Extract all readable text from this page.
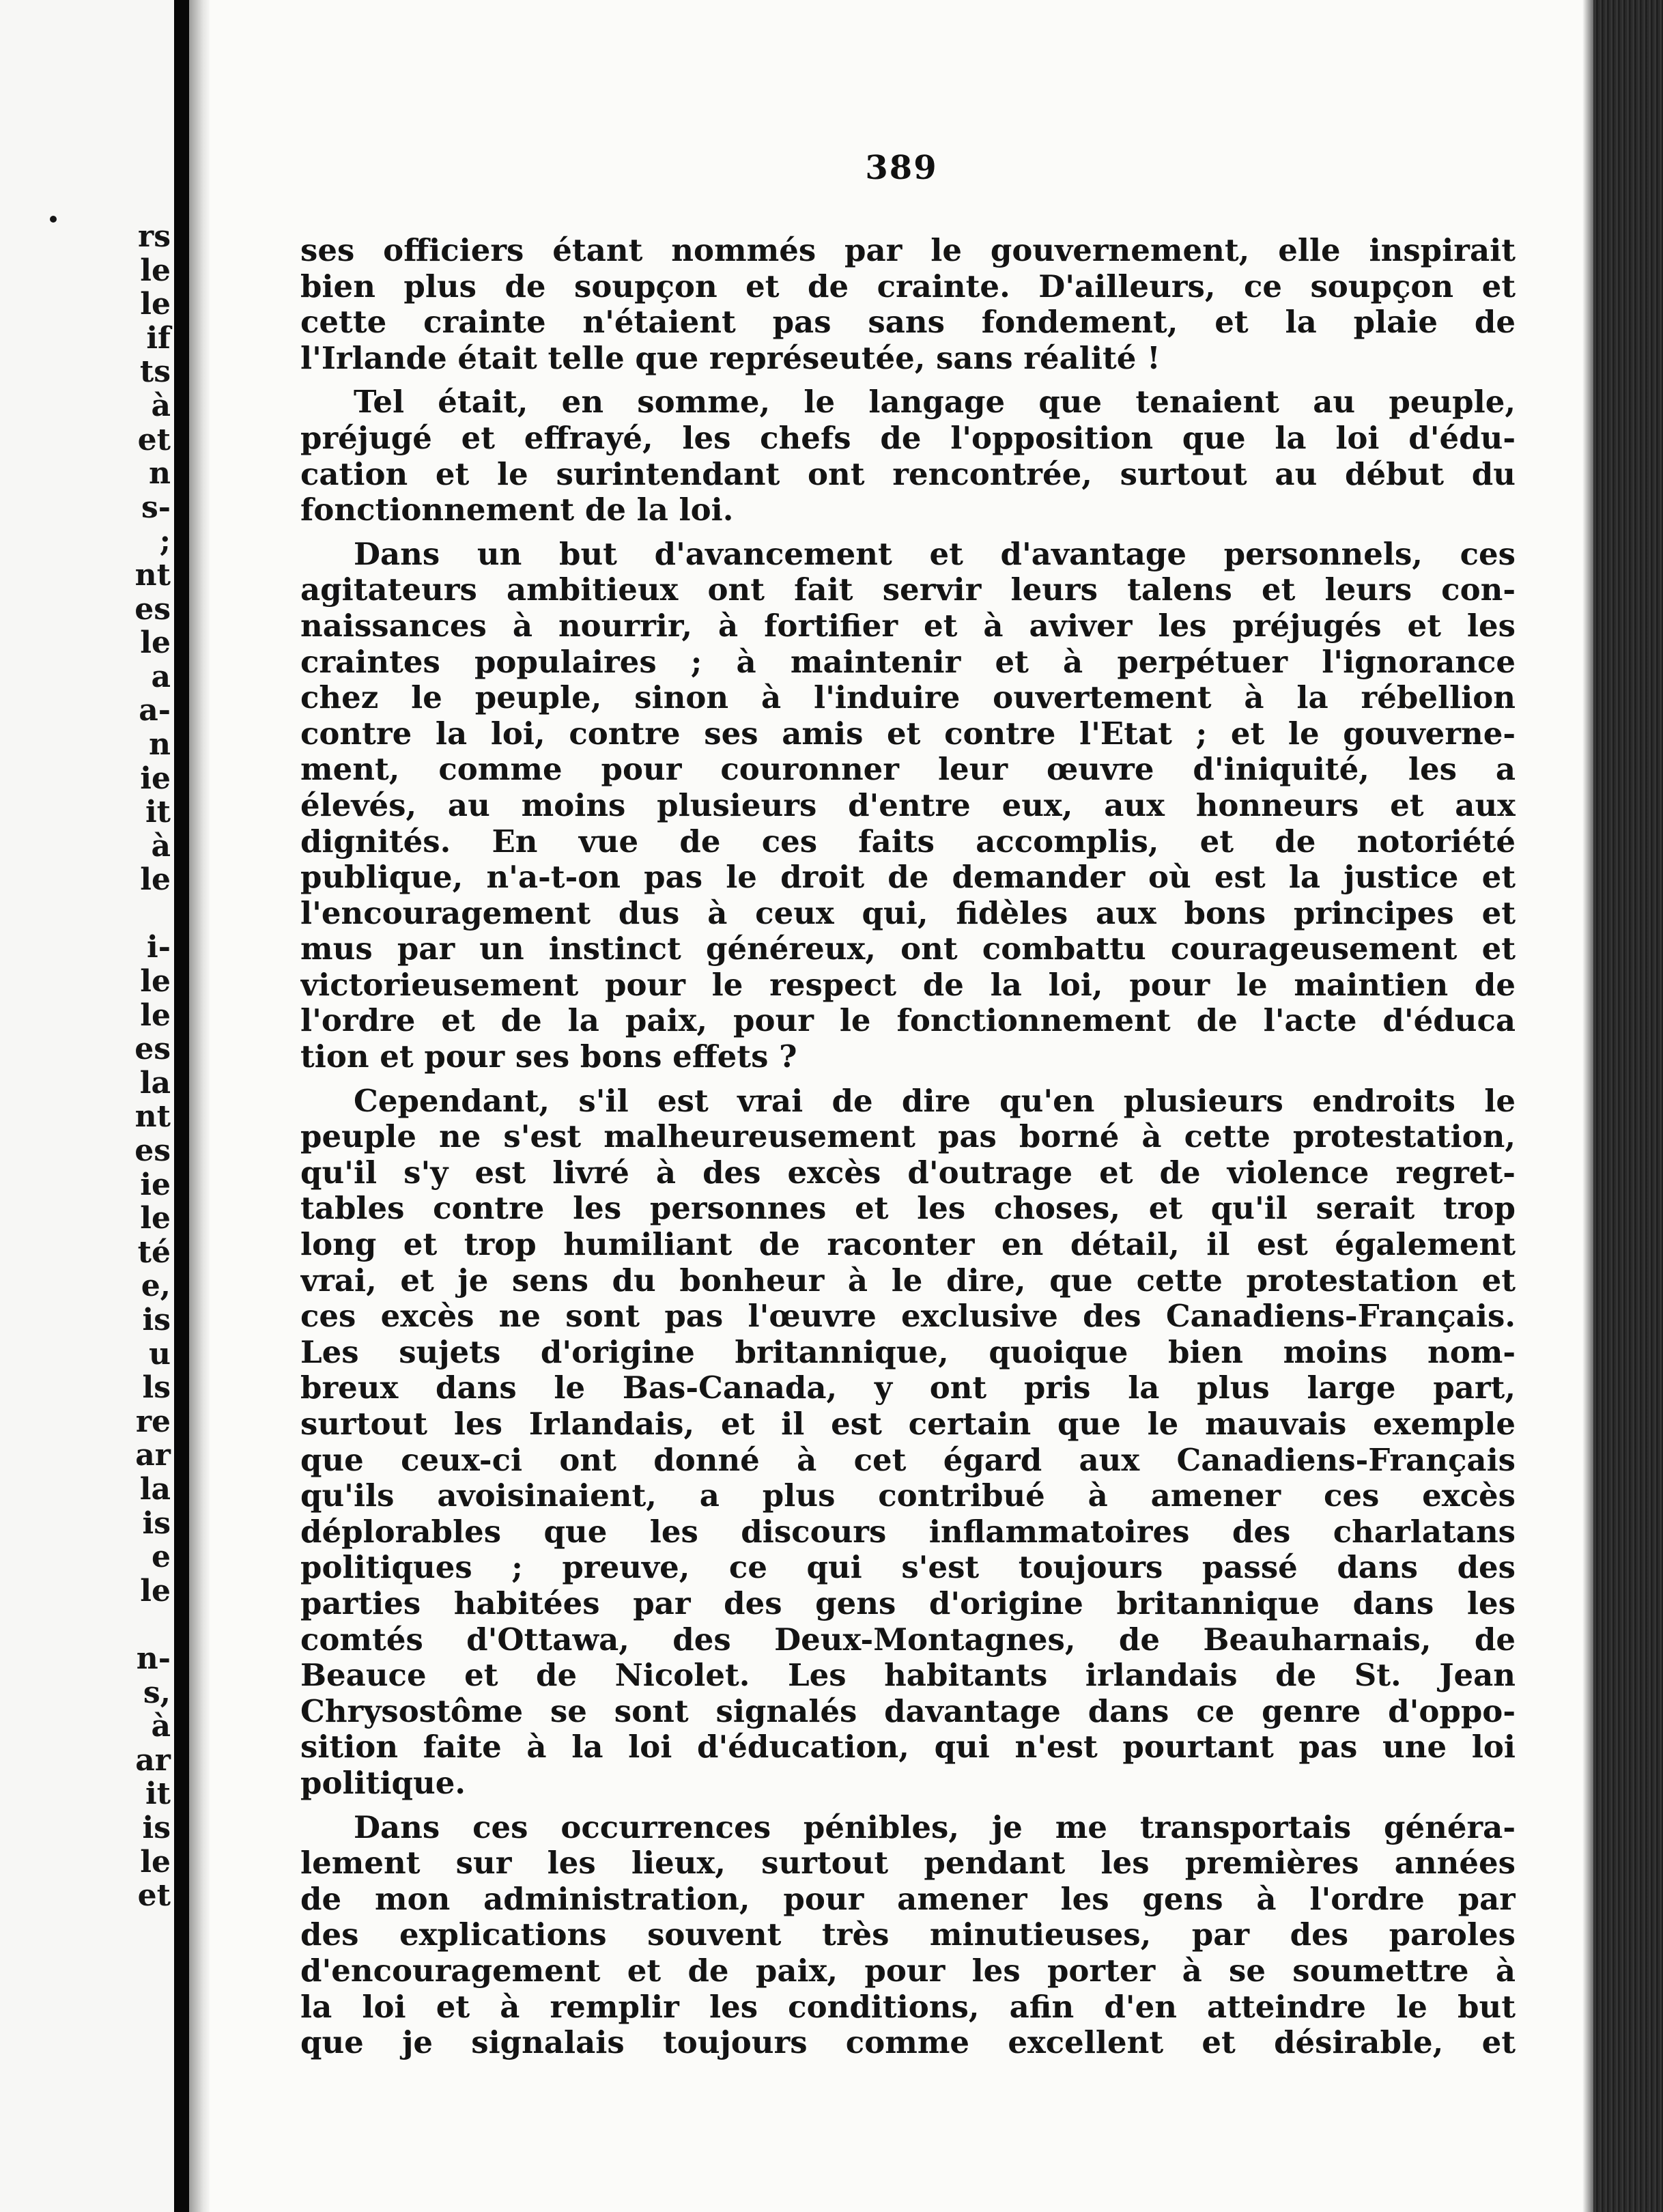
rs
le
le
if
ts
à
et
n
s-
;
nt
es
le
a
a-
n
ie
it
à
le
i-
le
le
es
la
nt
es
ie
le
té
e,
is
u
ls
re
ar
la
is
e
le
n-
s,
à
ar
it
is
le
et
389
ses officiers étant nommés par le gouvernement, elle inspirait
bien plus de soupçon et de crainte. D'ailleurs, ce soupçon et
cette crainte n'étaient pas sans fondement, et la plaie de
l'Irlande était telle que représeutée, sans réalité !
Tel était, en somme, le langage que tenaient au peuple,
préjugé et effrayé, les chefs de l'opposition que la loi d'édu-
cation et le surintendant ont rencontrée, surtout au début du
fonctionnement de la loi.
Dans un but d'avancement et d'avantage personnels, ces
agitateurs ambitieux ont fait servir leurs talens et leurs con-
naissances à nourrir, à fortifier et à aviver les préjugés et les
craintes populaires ; à maintenir et à perpétuer l'ignorance
chez le peuple, sinon à l'induire ouvertement à la rébellion
contre la loi, contre ses amis et contre l'Etat ; et le gouverne-
ment, comme pour couronner leur œuvre d'iniquité, les a
élevés, au moins plusieurs d'entre eux, aux honneurs et aux
dignités. En vue de ces faits accomplis, et de notoriété
publique, n'a-t-on pas le droit de demander où est la justice et
l'encouragement dus à ceux qui, fidèles aux bons principes et
mus par un instinct généreux, ont combattu courageusement et
victorieusement pour le respect de la loi, pour le maintien de
l'ordre et de la paix, pour le fonctionnement de l'acte d'éduca
tion et pour ses bons effets ?
Cependant, s'il est vrai de dire qu'en plusieurs endroits le
peuple ne s'est malheureusement pas borné à cette protestation,
qu'il s'y est livré à des excès d'outrage et de violence regret-
tables contre les personnes et les choses, et qu'il serait trop
long et trop humiliant de raconter en détail, il est également
vrai, et je sens du bonheur à le dire, que cette protestation et
ces excès ne sont pas l'œuvre exclusive des Canadiens-Français.
Les sujets d'origine britannique, quoique bien moins nom-
breux dans le Bas-Canada, y ont pris la plus large part,
surtout les Irlandais, et il est certain que le mauvais exemple
que ceux-ci ont donné à cet égard aux Canadiens-Français
qu'ils avoisinaient, a plus contribué à amener ces excès
déplorables que les discours inflammatoires des charlatans
politiques ; preuve, ce qui s'est toujours passé dans des
parties habitées par des gens d'origine britannique dans les
comtés d'Ottawa, des Deux-Montagnes, de Beauharnais, de
Beauce et de Nicolet. Les habitants irlandais de St. Jean
Chrysostôme se sont signalés davantage dans ce genre d'oppo-
sition faite à la loi d'éducation, qui n'est pourtant pas une loi
politique.
Dans ces occurrences pénibles, je me transportais généra-
lement sur les lieux, surtout pendant les premières années
de mon administration, pour amener les gens à l'ordre par
des explications souvent très minutieuses, par des paroles
d'encouragement et de paix, pour les porter à se soumettre à
la loi et à remplir les conditions, afin d'en atteindre le but
que je signalais toujours comme excellent et désirable, et
